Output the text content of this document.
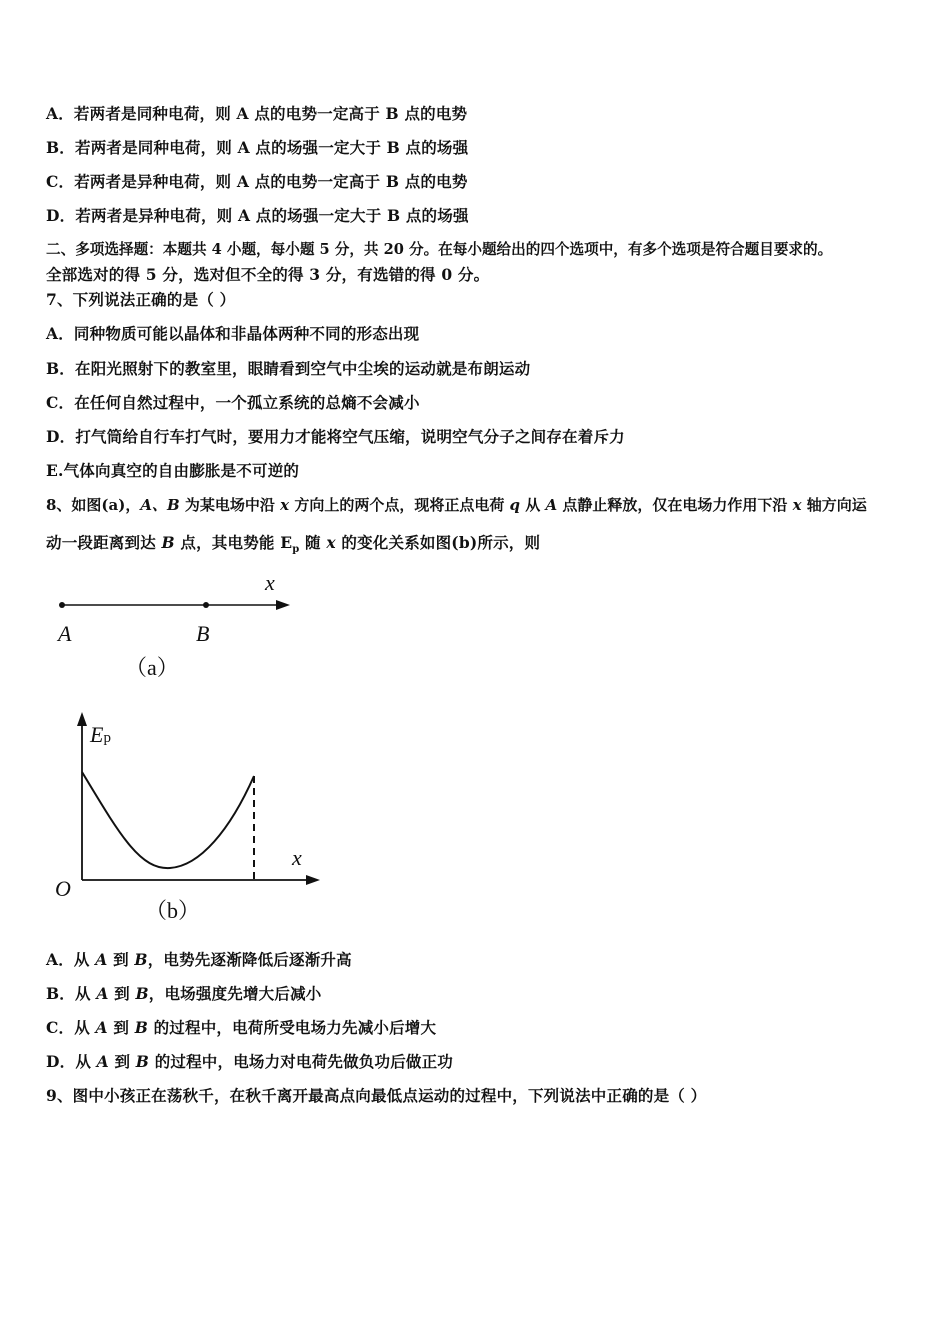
A．若两者是同种电荷，则 A 点的电势一定高于 B 点的电势
B．若两者是同种电荷，则 A 点的场强一定大于 B 点的场强
C．若两者是异种电荷，则 A 点的电势一定高于 B 点的电势
D．若两者是异种电荷，则 A 点的场强一定大于 B 点的场强
二、多项选择题：本题共 4 小题，每小题 5 分，共 20 分。在每小题给出的四个选项中，有多个选项是符合题目要求的。
全部选对的得 5 分，选对但不全的得 3 分，有选错的得 0 分。
7、下列说法正确的是（ ）
A．同种物质可能以晶体和非晶体两种不同的形态出现
B．在阳光照射下的教室里，眼睛看到空气中尘埃的运动就是布朗运动
C．在任何自然过程中，一个孤立系统的总熵不会减小
D．打气筒给自行车打气时，要用力才能将空气压缩，说明空气分子之间存在着斥力
E.气体向真空的自由膨胀是不可逆的
8、如图(a)，A、B 为某电场中沿 x 方向上的两个点，现将正点电荷 q 从 A 点静止释放，仅在电场力作用下沿 x 轴方向运
动一段距离到达 B 点，其电势能 $E_p$ 随 x 的变化关系如图(b)所示，则
x
A	B
（a）
Ep
x
O
（b）
A．从 A 到 B，电势先逐渐降低后逐渐升高
B．从 A 到 B，电场强度先增大后减小
C．从 A 到 B 的过程中，电荷所受电场力先减小后增大
D．从 A 到 B 的过程中，电场力对电荷先做负功后做正功
9、图中小孩正在荡秋千，在秋千离开最高点向最低点运动的过程中，下列说法中正确的是（ ）
